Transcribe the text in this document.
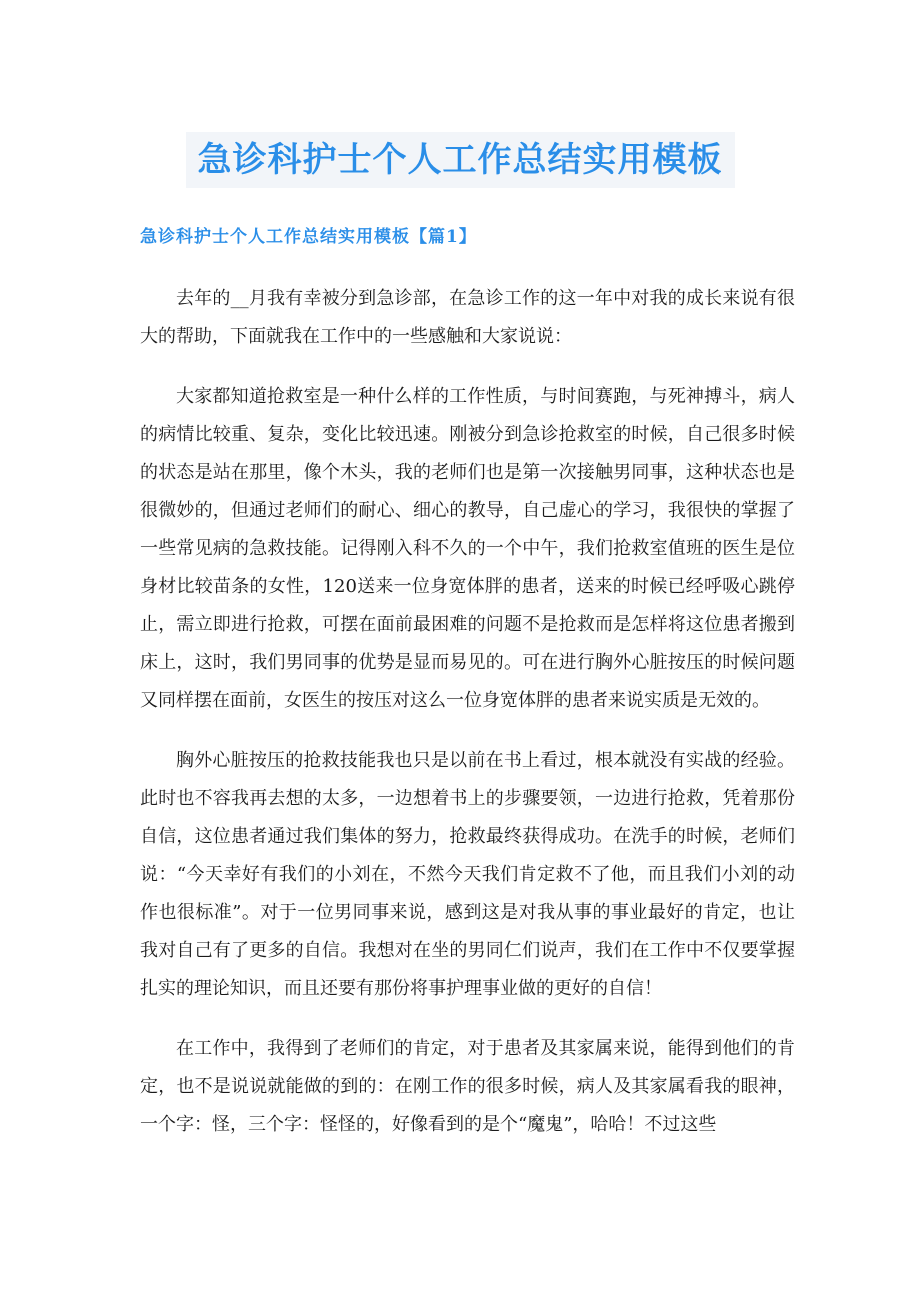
急诊科护士个人工作总结实用模板
急诊科护士个人工作总结实用模板【篇1】

去年的__月我有幸被分到急诊部，在急诊工作的这一年中对我的成长来说有很大的帮助，下面就我在工作中的一些感触和大家说说：

大家都知道抢救室是一种什么样的工作性质，与时间赛跑，与死神搏斗，病人的病情比较重、复杂，变化比较迅速。刚被分到急诊抢救室的时候，自己很多时候的状态是站在那里，像个木头，我的老师们也是第一次接触男同事，这种状态也是很微妙的，但通过老师们的耐心、细心的教导，自己虚心的学习，我很快的掌握了一些常见病的急救技能。记得刚入科不久的一个中午，我们抢救室值班的医生是位身材比较苗条的女性，120送来一位身宽体胖的患者，送来的时候已经呼吸心跳停止，需立即进行抢救，可摆在面前最困难的问题不是抢救而是怎样将这位患者搬到床上，这时，我们男同事的优势是显而易见的。可在进行胸外心脏按压的时候问题又同样摆在面前，女医生的按压对这么一位身宽体胖的患者来说实质是无效的。

胸外心脏按压的抢救技能我也只是以前在书上看过，根本就没有实战的经验。此时也不容我再去想的太多，一边想着书上的步骤要领，一边进行抢救，凭着那份自信，这位患者通过我们集体的努力，抢救最终获得成功。在洗手的时候，老师们说：“今天幸好有我们的小刘在，不然今天我们肯定救不了他，而且我们小刘的动作也很标准”。对于一位男同事来说，感到这是对我从事的事业最好的肯定，也让我对自己有了更多的自信。我想对在坐的男同仁们说声，我们在工作中不仅要掌握扎实的理论知识，而且还要有那份将事护理事业做的更好的自信！

在工作中，我得到了老师们的肯定，对于患者及其家属来说，能得到他们的肯定，也不是说说就能做的到的：在刚工作的很多时候，病人及其家属看我的眼神，一个字：怪，三个字：怪怪的，好像看到的是个“魔鬼”，哈哈！不过这些
